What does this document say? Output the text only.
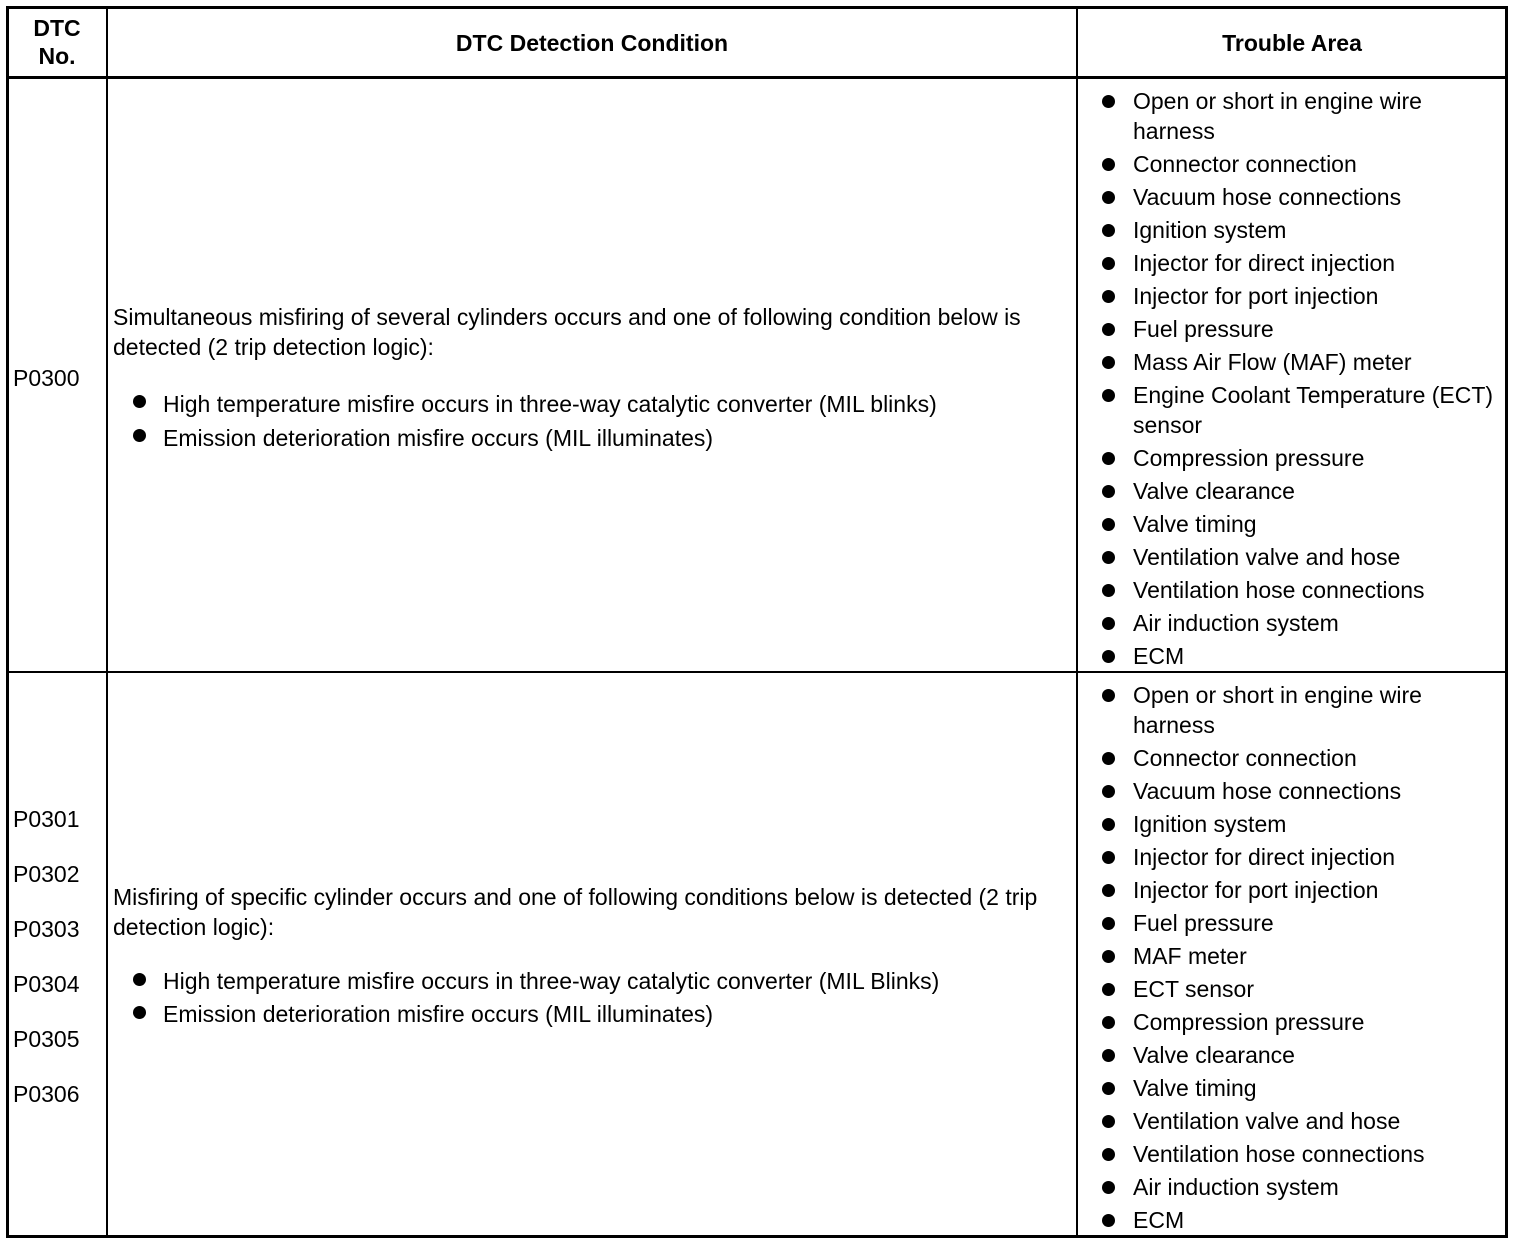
DTC
No.	DTC Detection Condition	Trouble Area
P0300

Simultaneous misfiring of several cylinders occurs and one of following condition below is detected (2 trip detection logic):

High temperature misfire occurs in three-way catalytic converter (MIL blinks)
Emission deterioration misfire occurs (MIL illuminates)
Open or short in engine wire harness
Connector connection
Vacuum hose connections
Ignition system
Injector for direct injection
Injector for port injection
Fuel pressure
Mass Air Flow (MAF) meter
Engine Coolant Temperature (ECT) sensor
Compression pressure
Valve clearance
Valve timing
Ventilation valve and hose
Ventilation hose connections
Air induction system
ECM
P0301
P0302
P0303
P0304
P0305
P0306

Misfiring of specific cylinder occurs and one of following conditions below is detected (2 trip detection logic):

High temperature misfire occurs in three-way catalytic converter (MIL Blinks)
Emission deterioration misfire occurs (MIL illuminates)
Open or short in engine wire harness
Connector connection
Vacuum hose connections
Ignition system
Injector for direct injection
Injector for port injection
Fuel pressure
MAF meter
ECT sensor
Compression pressure
Valve clearance
Valve timing
Ventilation valve and hose
Ventilation hose connections
Air induction system
ECM
